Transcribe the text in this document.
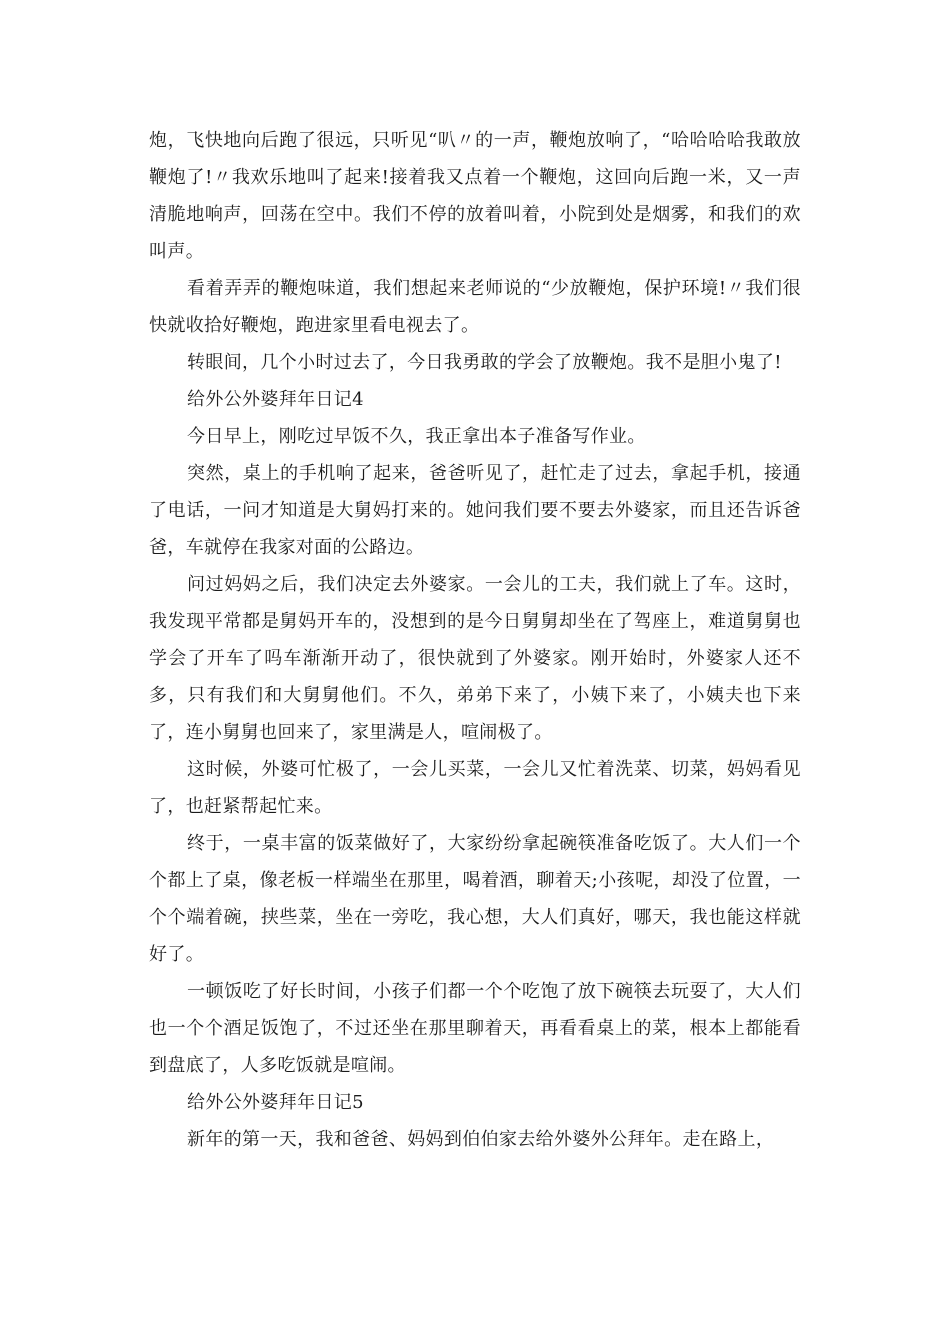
炮，飞快地向后跑了很远，只听见“叭〃的一声，鞭炮放响了，“哈哈哈哈我敢放鞭炮了!〃我欢乐地叫了起来!接着我又点着一个鞭炮，这回向后跑一米，又一声清脆地响声，回荡在空中。我们不停的放着叫着，小院到处是烟雾，和我们的欢叫声。

看着弄弄的鞭炮味道，我们想起来老师说的“少放鞭炮，保护环境!〃我们很快就收拾好鞭炮，跑进家里看电视去了。

转眼间，几个小时过去了，今日我勇敢的学会了放鞭炮。我不是胆小鬼了!

给外公外婆拜年日记4

今日早上，刚吃过早饭不久，我正拿出本子准备写作业。

突然，桌上的手机响了起来，爸爸听见了，赶忙走了过去，拿起手机，接通了电话，一问才知道是大舅妈打来的。她问我们要不要去外婆家，而且还告诉爸爸，车就停在我家对面的公路边。

问过妈妈之后，我们决定去外婆家。一会儿的工夫，我们就上了车。这时，我发现平常都是舅妈开车的，没想到的是今日舅舅却坐在了驾座上，难道舅舅也学会了开车了吗车渐渐开动了，很快就到了外婆家。刚开始时，外婆家人还不多，只有我们和大舅舅他们。不久，弟弟下来了，小姨下来了，小姨夫也下来了，连小舅舅也回来了，家里满是人，喧闹极了。

这时候，外婆可忙极了，一会儿买菜，一会儿又忙着洗菜、切菜，妈妈看见了，也赶紧帮起忙来。

终于，一桌丰富的饭菜做好了，大家纷纷拿起碗筷准备吃饭了。大人们一个个都上了桌，像老板一样端坐在那里，喝着酒，聊着天;小孩呢，却没了位置，一个个端着碗，挟些菜，坐在一旁吃，我心想，大人们真好，哪天，我也能这样就好了。

一顿饭吃了好长时间，小孩子们都一个个吃饱了放下碗筷去玩耍了，大人们也一个个酒足饭饱了，不过还坐在那里聊着天，再看看桌上的菜，根本上都能看到盘底了，人多吃饭就是喧闹。

给外公外婆拜年日记5

新年的第一天，我和爸爸、妈妈到伯伯家去给外婆外公拜年。走在路上，
